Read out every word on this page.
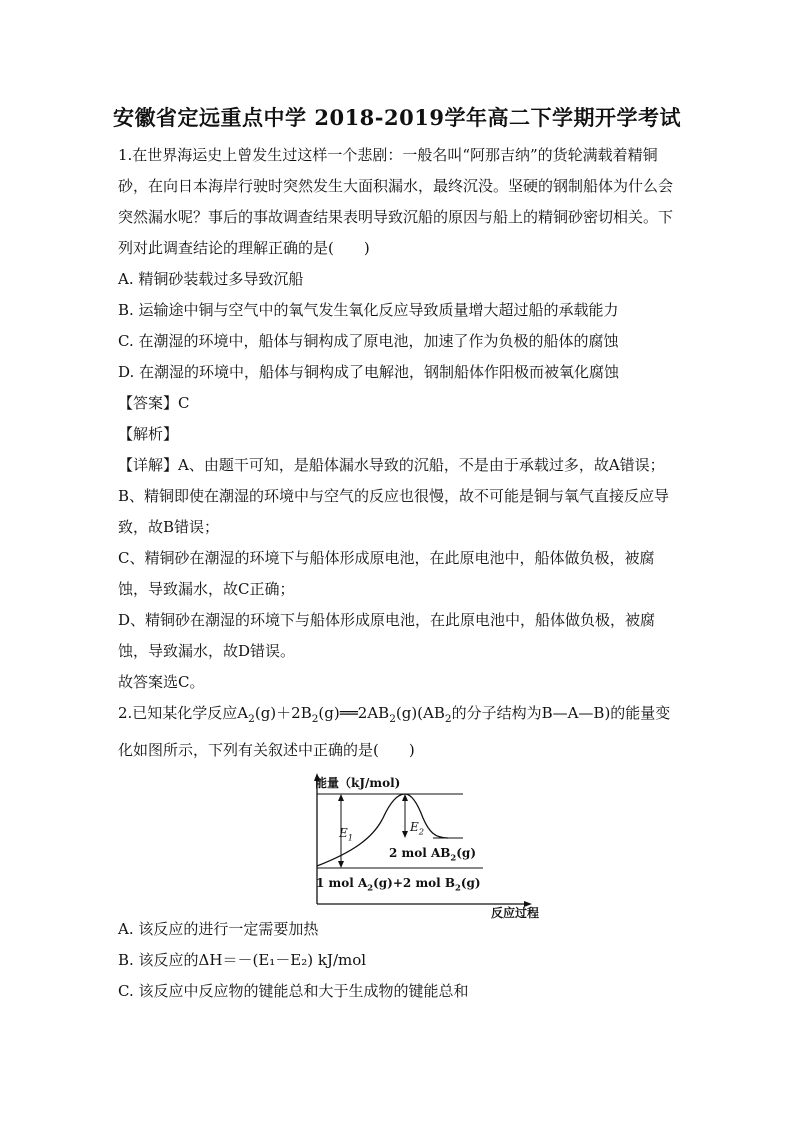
安徽省定远重点中学 2018-2019学年高二下学期开学考试

1.在世界海运史上曾发生过这样一个悲剧：一般名叫“阿那吉纳”的货轮满载着精铜砂，在向日本海岸行驶时突然发生大面积漏水，最终沉没。坚硬的钢制船体为什么会突然漏水呢？事后的事故调查结果表明导致沉船的原因与船上的精铜砂密切相关。下列对此调查结论的理解正确的是(　　)

A. 精铜砂装载过多导致沉船

B. 运输途中铜与空气中的氧气发生氧化反应导致质量增大超过船的承载能力

C. 在潮湿的环境中，船体与铜构成了原电池，加速了作为负极的船体的腐蚀

D. 在潮湿的环境中，船体与铜构成了电解池，钢制船体作阳极而被氧化腐蚀

【答案】C

【解析】

【详解】A、由题干可知，是船体漏水导致的沉船，不是由于承载过多，故A错误；

B、精铜即使在潮湿的环境中与空气的反应也很慢，故不可能是铜与氧气直接反应导致，故B错误；

C、精铜砂在潮湿的环境下与船体形成原电池，在此原电池中，船体做负极，被腐蚀，导致漏水，故C正确；

D、精铜砂在潮湿的环境下与船体形成原电池，在此原电池中，船体做负极，被腐蚀，导致漏水，故D错误。

故答案选C。

2.已知某化学反应$A_2(g)+2B_2(g)══2AB_2(g)(AB_2$的分子结构为B—A—B)的能量变化如图所示，下列有关叙述中正确的是(　　)

能量（kJ/mol)
$E_1$
$E_2$
2 mol $AB_2(g)$
1 mol $A_2(g)+2$ mol $B_2(g)$
反应过程

A. 该反应的进行一定需要加热

B. 该反应的ΔH＝－(E₁－E₂) kJ/mol

C. 该反应中反应物的键能总和大于生成物的键能总和
